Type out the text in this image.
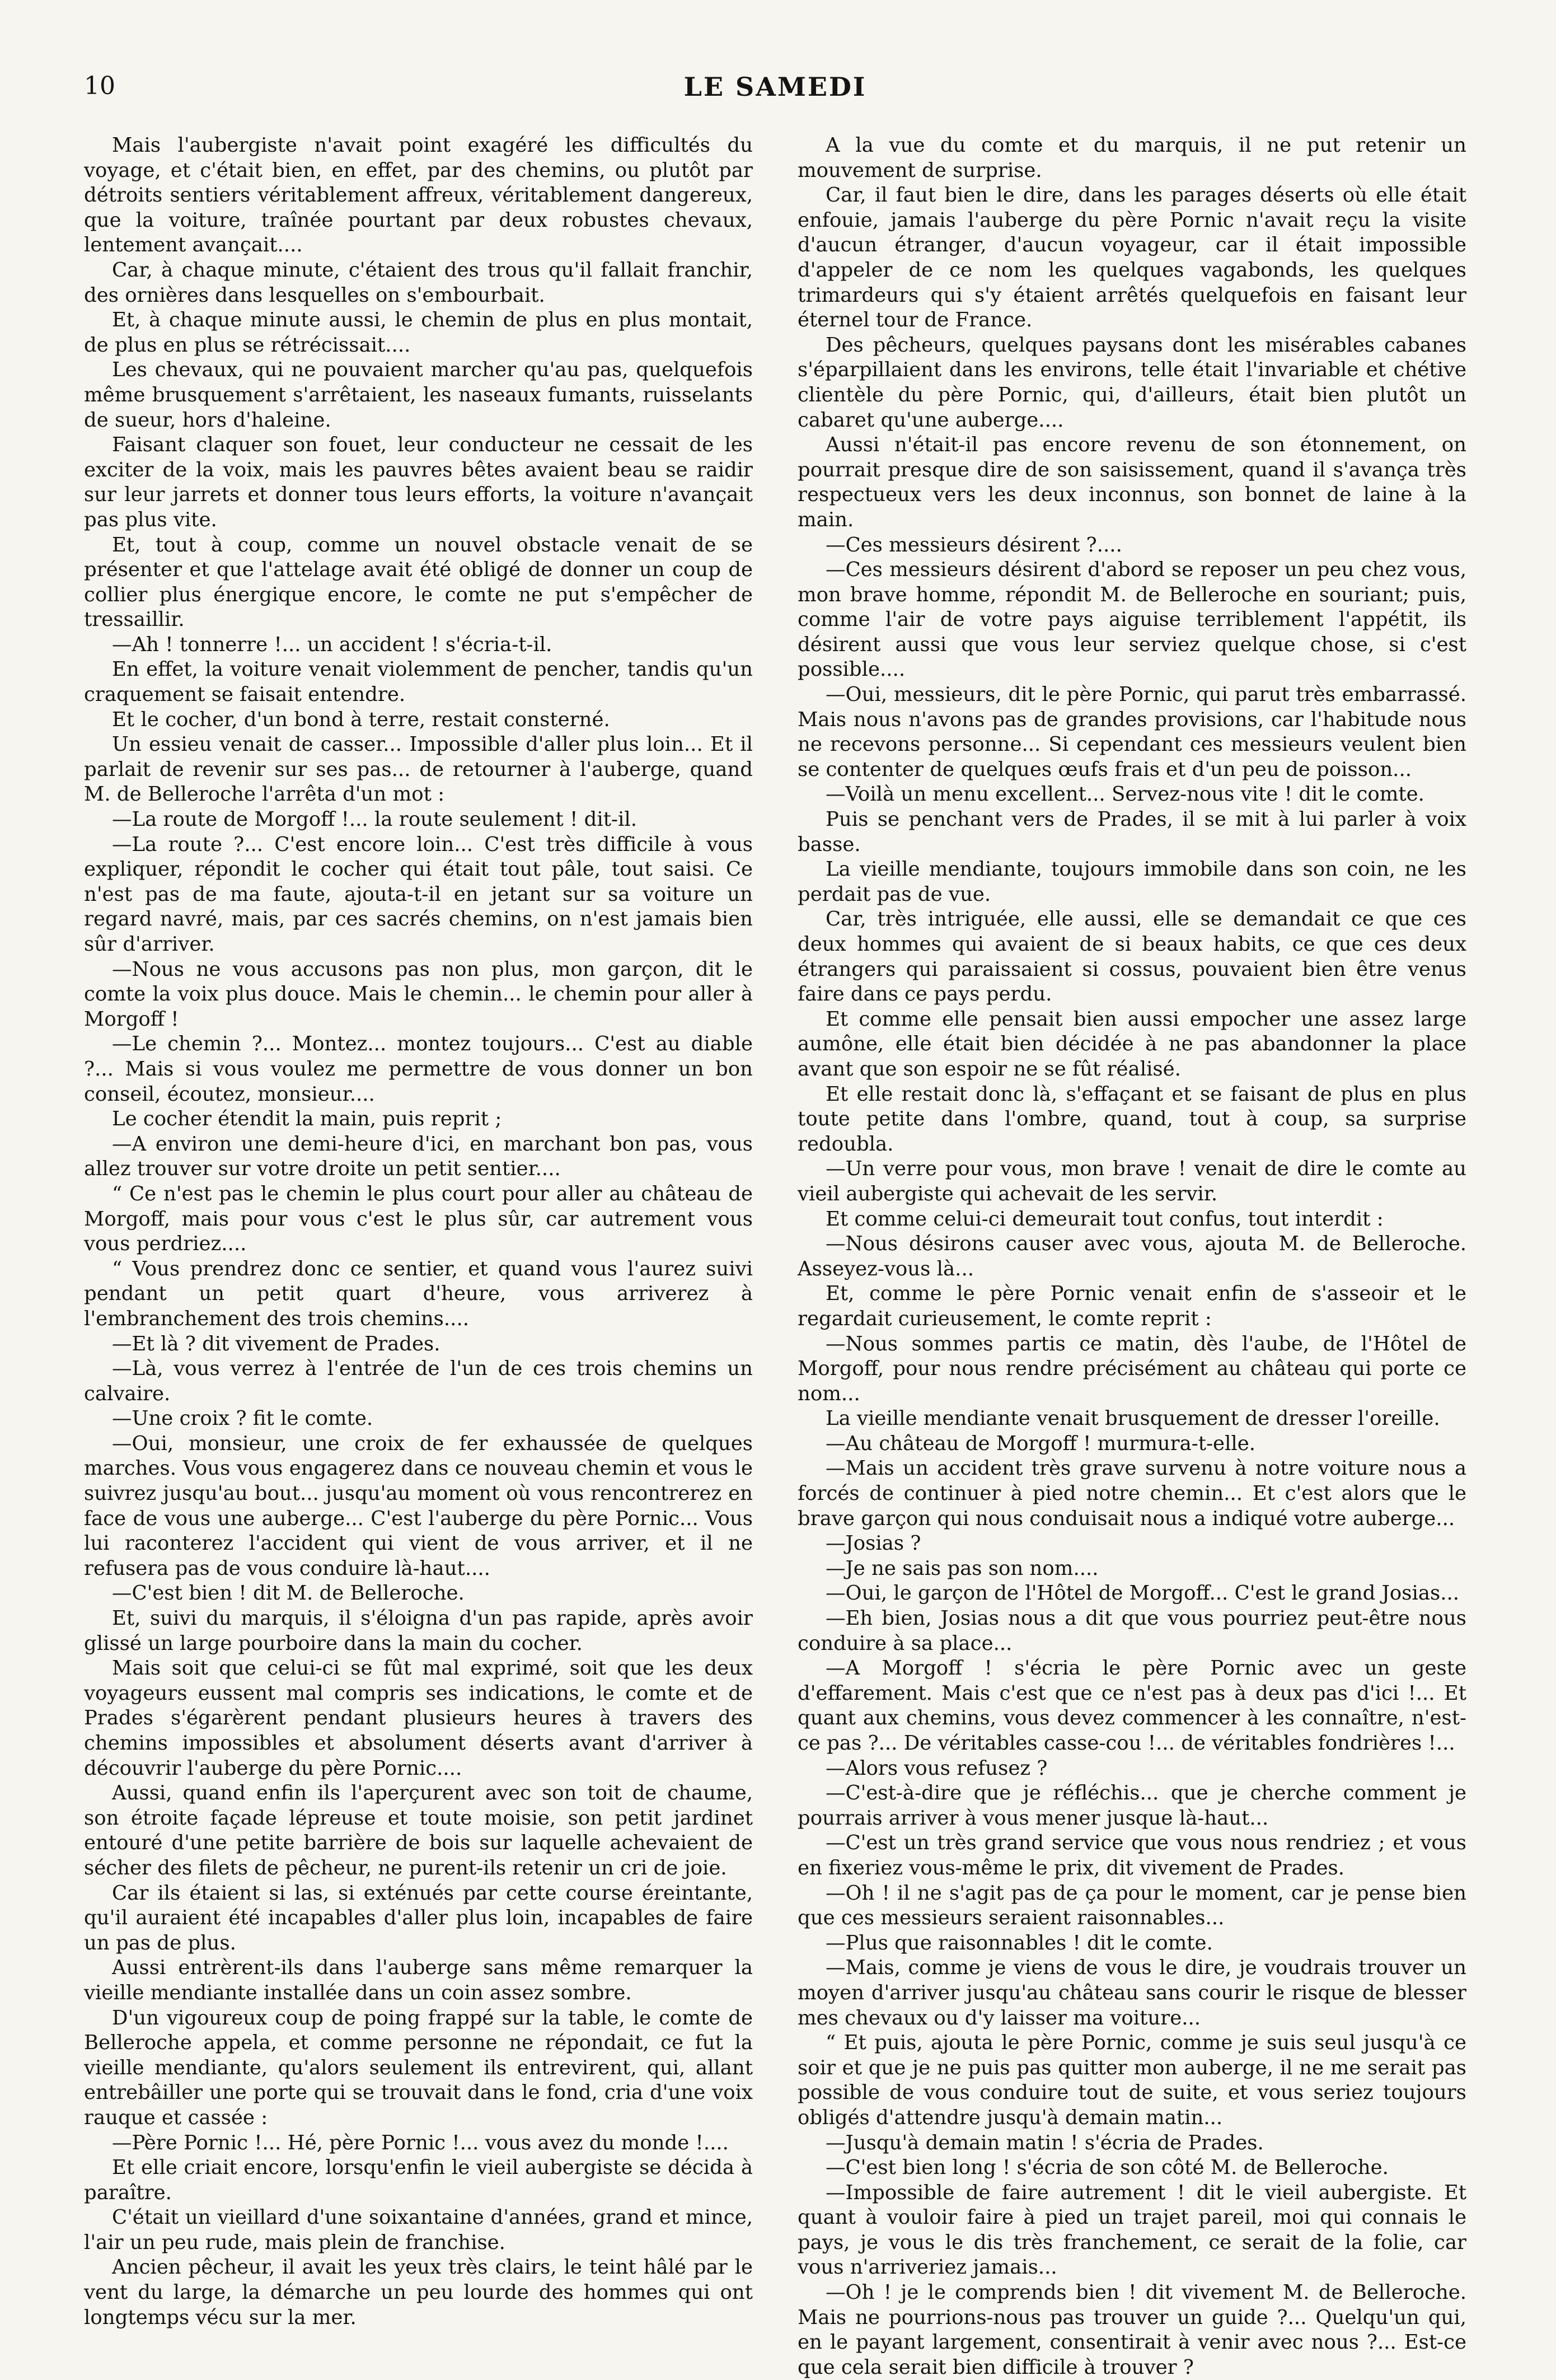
10	LE SAMEDI

Mais l'aubergiste n'avait point exagéré les difficultés du voyage, et c'était bien, en effet, par des chemins, ou plutôt par détroits sentiers véritablement affreux, véritablement dangereux, que la voiture, traînée pourtant par deux robustes chevaux, lentement avançait....

Car, à chaque minute, c'étaient des trous qu'il fallait franchir, des ornières dans lesquelles on s'embourbait.

Et, à chaque minute aussi, le chemin de plus en plus montait, de plus en plus se rétrécissait....

Les chevaux, qui ne pouvaient marcher qu'au pas, quelquefois même brusquement s'arrêtaient, les naseaux fumants, ruisselants de sueur, hors d'haleine.

Faisant claquer son fouet, leur conducteur ne cessait de les exciter de la voix, mais les pauvres bêtes avaient beau se raidir sur leur jarrets et donner tous leurs efforts, la voiture n'avançait pas plus vite.

Et, tout à coup, comme un nouvel obstacle venait de se présenter et que l'attelage avait été obligé de donner un coup de collier plus énergique encore, le comte ne put s'empêcher de tressaillir.

—Ah ! tonnerre !... un accident ! s'écria-t-il.

En effet, la voiture venait violemment de pencher, tandis qu'un craquement se faisait entendre.

Et le cocher, d'un bond à terre, restait consterné.

Un essieu venait de casser... Impossible d'aller plus loin... Et il parlait de revenir sur ses pas... de retourner à l'auberge, quand M. de Belleroche l'arrêta d'un mot :

—La route de Morgoff !... la route seulement ! dit-il.

—La route ?... C'est encore loin... C'est très difficile à vous expliquer, répondit le cocher qui était tout pâle, tout saisi. Ce n'est pas de ma faute, ajouta-t-il en jetant sur sa voiture un regard navré, mais, par ces sacrés chemins, on n'est jamais bien sûr d'arriver.

—Nous ne vous accusons pas non plus, mon garçon, dit le comte la voix plus douce. Mais le chemin... le chemin pour aller à Morgoff !

—Le chemin ?... Montez... montez toujours... C'est au diable ?... Mais si vous voulez me permettre de vous donner un bon conseil, écoutez, monsieur....

Le cocher étendit la main, puis reprit ;

—A environ une demi-heure d'ici, en marchant bon pas, vous allez trouver sur votre droite un petit sentier....

“ Ce n'est pas le chemin le plus court pour aller au château de Morgoff, mais pour vous c'est le plus sûr, car autrement vous vous perdriez....

“ Vous prendrez donc ce sentier, et quand vous l'aurez suivi pendant un petit quart d'heure, vous arriverez à l'embranchement des trois chemins....

—Et là ? dit vivement de Prades.

—Là, vous verrez à l'entrée de l'un de ces trois chemins un calvaire.

—Une croix ? fit le comte.

—Oui, monsieur, une croix de fer exhaussée de quelques marches. Vous vous engagerez dans ce nouveau chemin et vous le suivrez jusqu'au bout... jusqu'au moment où vous rencontrerez en face de vous une auberge... C'est l'auberge du père Pornic... Vous lui raconterez l'accident qui vient de vous arriver, et il ne refusera pas de vous conduire là-haut....

—C'est bien ! dit M. de Belleroche.

Et, suivi du marquis, il s'éloigna d'un pas rapide, après avoir glissé un large pourboire dans la main du cocher.

Mais soit que celui-ci se fût mal exprimé, soit que les deux voyageurs eussent mal compris ses indications, le comte et de Prades s'égarèrent pendant plusieurs heures à travers des chemins impossibles et absolument déserts avant d'arriver à découvrir l'auberge du père Pornic....

Aussi, quand enfin ils l'aperçurent avec son toit de chaume, son étroite façade lépreuse et toute moisie, son petit jardinet entouré d'une petite barrière de bois sur laquelle achevaient de sécher des filets de pêcheur, ne purent-ils retenir un cri de joie.

Car ils étaient si las, si exténués par cette course éreintante, qu'il auraient été incapables d'aller plus loin, incapables de faire un pas de plus.

Aussi entrèrent-ils dans l'auberge sans même remarquer la vieille mendiante installée dans un coin assez sombre.

D'un vigoureux coup de poing frappé sur la table, le comte de Belleroche appela, et comme personne ne répondait, ce fut la vieille mendiante, qu'alors seulement ils entrevirent, qui, allant entrebâiller une porte qui se trouvait dans le fond, cria d'une voix rauque et cassée :

—Père Pornic !... Hé, père Pornic !... vous avez du monde !....

Et elle criait encore, lorsqu'enfin le vieil aubergiste se décida à paraître.

C'était un vieillard d'une soixantaine d'années, grand et mince, l'air un peu rude, mais plein de franchise.

Ancien pêcheur, il avait les yeux très clairs, le teint hâlé par le vent du large, la démarche un peu lourde des hommes qui ont longtemps vécu sur la mer.

A la vue du comte et du marquis, il ne put retenir un mouvement de surprise.

Car, il faut bien le dire, dans les parages déserts où elle était enfouie, jamais l'auberge du père Pornic n'avait reçu la visite d'aucun étranger, d'aucun voyageur, car il était impossible d'appeler de ce nom les quelques vagabonds, les quelques trimardeurs qui s'y étaient arrêtés quelquefois en faisant leur éternel tour de France.

Des pêcheurs, quelques paysans dont les misérables cabanes s'éparpillaient dans les environs, telle était l'invariable et chétive clientèle du père Pornic, qui, d'ailleurs, était bien plutôt un cabaret qu'une auberge....

Aussi n'était-il pas encore revenu de son étonnement, on pourrait presque dire de son saisissement, quand il s'avança très respectueux vers les deux inconnus, son bonnet de laine à la main.

—Ces messieurs désirent ?....

—Ces messieurs désirent d'abord se reposer un peu chez vous, mon brave homme, répondit M. de Belleroche en souriant; puis, comme l'air de votre pays aiguise terriblement l'appétit, ils désirent aussi que vous leur serviez quelque chose, si c'est possible....

—Oui, messieurs, dit le père Pornic, qui parut très embarrassé. Mais nous n'avons pas de grandes provisions, car l'habitude nous ne recevons personne... Si cependant ces messieurs veulent bien se contenter de quelques œufs frais et d'un peu de poisson...

—Voilà un menu excellent... Servez-nous vite ! dit le comte.

Puis se penchant vers de Prades, il se mit à lui parler à voix basse.

La vieille mendiante, toujours immobile dans son coin, ne les perdait pas de vue.

Car, très intriguée, elle aussi, elle se demandait ce que ces deux hommes qui avaient de si beaux habits, ce que ces deux étrangers qui paraissaient si cossus, pouvaient bien être venus faire dans ce pays perdu.

Et comme elle pensait bien aussi empocher une assez large aumône, elle était bien décidée à ne pas abandonner la place avant que son espoir ne se fût réalisé.

Et elle restait donc là, s'effaçant et se faisant de plus en plus toute petite dans l'ombre, quand, tout à coup, sa surprise redoubla.

—Un verre pour vous, mon brave ! venait de dire le comte au vieil aubergiste qui achevait de les servir.

Et comme celui-ci demeurait tout confus, tout interdit :

—Nous désirons causer avec vous, ajouta M. de Belleroche. Asseyez-vous là...

Et, comme le père Pornic venait enfin de s'asseoir et le regardait curieusement, le comte reprit :

—Nous sommes partis ce matin, dès l'aube, de l'Hôtel de Morgoff, pour nous rendre précisément au château qui porte ce nom...

La vieille mendiante venait brusquement de dresser l'oreille.

—Au château de Morgoff ! murmura-t-elle.

—Mais un accident très grave survenu à notre voiture nous a forcés de continuer à pied notre chemin... Et c'est alors que le brave garçon qui nous conduisait nous a indiqué votre auberge...

—Josias ?

—Je ne sais pas son nom....

—Oui, le garçon de l'Hôtel de Morgoff... C'est le grand Josias...

—Eh bien, Josias nous a dit que vous pourriez peut-être nous conduire à sa place...

—A Morgoff ! s'écria le père Pornic avec un geste d'effarement. Mais c'est que ce n'est pas à deux pas d'ici !... Et quant aux chemins, vous devez commencer à les connaître, n'est-ce pas ?... De véritables casse-cou !... de véritables fondrières !...

—Alors vous refusez ?

—C'est-à-dire que je réfléchis... que je cherche comment je pourrais arriver à vous mener jusque là-haut...

—C'est un très grand service que vous nous rendriez ; et vous en fixeriez vous-même le prix, dit vivement de Prades.

—Oh ! il ne s'agit pas de ça pour le moment, car je pense bien que ces messieurs seraient raisonnables...

—Plus que raisonnables ! dit le comte.

—Mais, comme je viens de vous le dire, je voudrais trouver un moyen d'arriver jusqu'au château sans courir le risque de blesser mes chevaux ou d'y laisser ma voiture...

“ Et puis, ajouta le père Pornic, comme je suis seul jusqu'à ce soir et que je ne puis pas quitter mon auberge, il ne me serait pas possible de vous conduire tout de suite, et vous seriez toujours obligés d'attendre jusqu'à demain matin...

—Jusqu'à demain matin ! s'écria de Prades.

—C'est bien long ! s'écria de son côté M. de Belleroche.

—Impossible de faire autrement ! dit le vieil aubergiste. Et quant à vouloir faire à pied un trajet pareil, moi qui connais le pays, je vous le dis très franchement, ce serait de la folie, car vous n'arriveriez jamais...

—Oh ! je le comprends bien ! dit vivement M. de Belleroche. Mais ne pourrions-nous pas trouver un guide ?... Quelqu'un qui, en le payant largement, consentirait à venir avec nous ?... Est-ce que cela serait bien difficile à trouver ?
